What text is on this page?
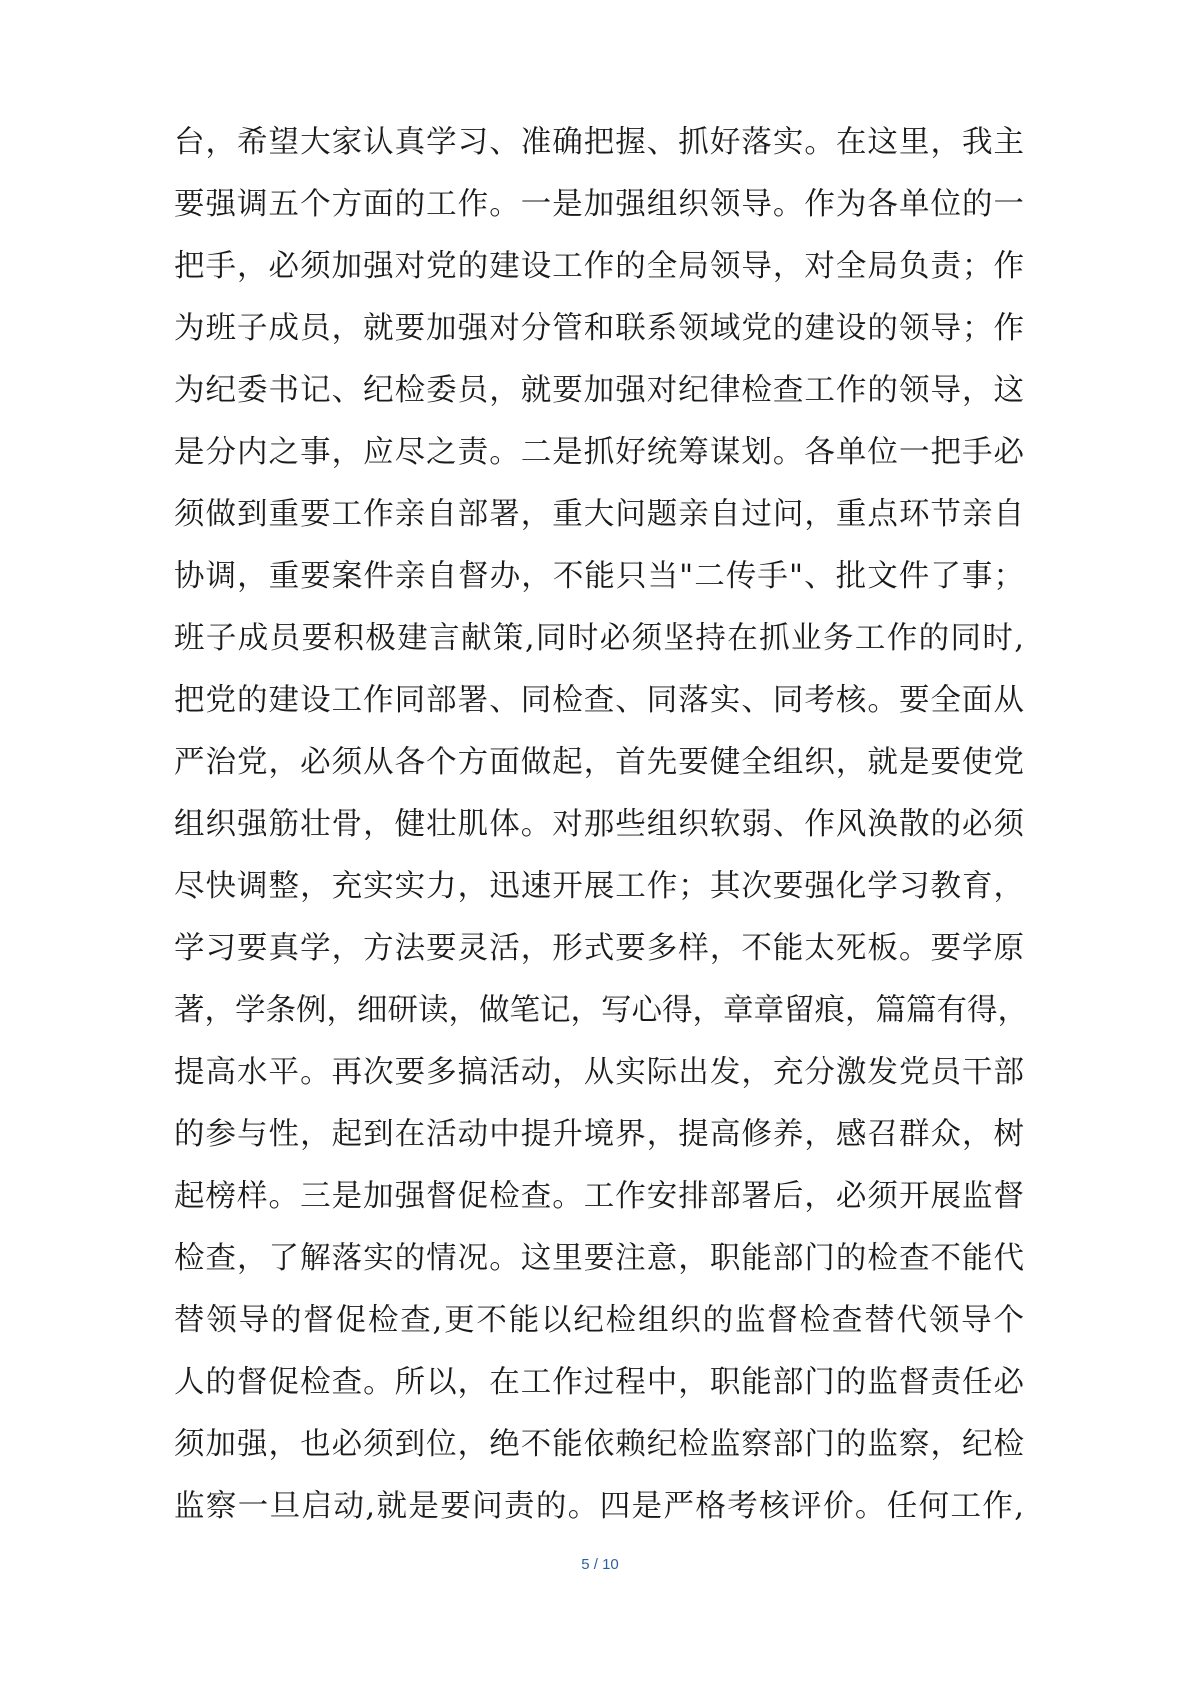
台，希望大家认真学习、准确把握、抓好落实。在这里，我主
要强调五个方面的工作。一是加强组织领导。作为各单位的一
把手，必须加强对党的建设工作的全局领导，对全局负责；作
为班子成员，就要加强对分管和联系领域党的建设的领导；作
为纪委书记、纪检委员，就要加强对纪律检查工作的领导，这
是分内之事，应尽之责。二是抓好统筹谋划。各单位一把手必
须做到重要工作亲自部署，重大问题亲自过问，重点环节亲自
协调，重要案件亲自督办，不能只当"二传手"、批文件了事；
班子成员要积极建言献策,同时必须坚持在抓业务工作的同时,
把党的建设工作同部署、同检查、同落实、同考核。要全面从
严治党，必须从各个方面做起，首先要健全组织，就是要使党
组织强筋壮骨，健壮肌体。对那些组织软弱、作风涣散的必须
尽快调整，充实实力，迅速开展工作；其次要强化学习教育，
学习要真学，方法要灵活，形式要多样，不能太死板。要学原
著，学条例，细研读，做笔记，写心得，章章留痕，篇篇有得，
提高水平。再次要多搞活动，从实际出发，充分激发党员干部
的参与性，起到在活动中提升境界，提高修养，感召群众，树
起榜样。三是加强督促检查。工作安排部署后，必须开展监督
检查，了解落实的情况。这里要注意，职能部门的检查不能代
替领导的督促检查,更不能以纪检组织的监督检查替代领导个
人的督促检查。所以，在工作过程中，职能部门的监督责任必
须加强，也必须到位，绝不能依赖纪检监察部门的监察，纪检
监察一旦启动,就是要问责的。四是严格考核评价。任何工作,
5 / 10
